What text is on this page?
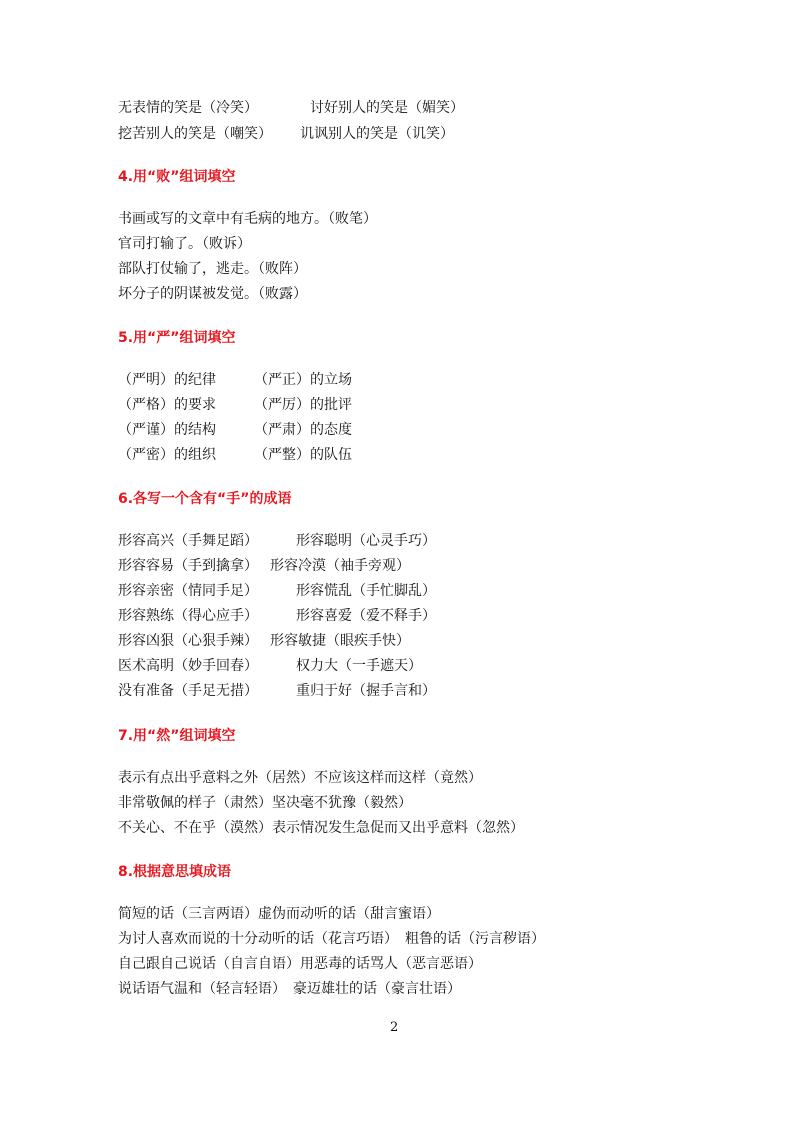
无表情的笑是（冷笑）	讨好别人的笑是（媚笑）
挖苦别人的笑是（嘲笑） 讥讽别人的笑是（讥笑）
4.用“败”组词填空
书画或写的文章中有毛病的地方。（败笔）
官司打输了。（败诉）
部队打仗输了，逃走。（败阵）
坏分子的阴谋被发觉。（败露）
5.用“严”组词填空
（严明）的纪律	（严正）的立场
（严格）的要求	（严厉）的批评
（严谨）的结构	（严肃）的态度
（严密）的组织	（严整）的队伍
6.各写一个含有“手”的成语
形容高兴（手舞足蹈）	形容聪明（心灵手巧）
形容容易（手到擒拿） 形容冷漠（袖手旁观）
形容亲密（情同手足）	形容慌乱（手忙脚乱）
形容熟练（得心应手）	形容喜爱（爱不释手）
形容凶狠（心狠手辣） 形容敏捷（眼疾手快）
医术高明（妙手回春）	权力大（一手遮天）
没有准备（手足无措）	重归于好（握手言和）
7.用“然”组词填空
表示有点出乎意料之外（居然）不应该这样而这样（竟然）
非常敬佩的样子（肃然）坚决毫不犹豫（毅然）
不关心、不在乎（漠然）表示情况发生急促而又出乎意料（忽然）
8.根据意思填成语
简短的话（三言两语）虚伪而动听的话（甜言蜜语）
为讨人喜欢而说的十分动听的话（花言巧语）　粗鲁的话（污言秽语）
自己跟自己说话（自言自语）用恶毒的话骂人（恶言恶语）
说话语气温和（轻言轻语）　豪迈雄壮的话（豪言壮语）
2
